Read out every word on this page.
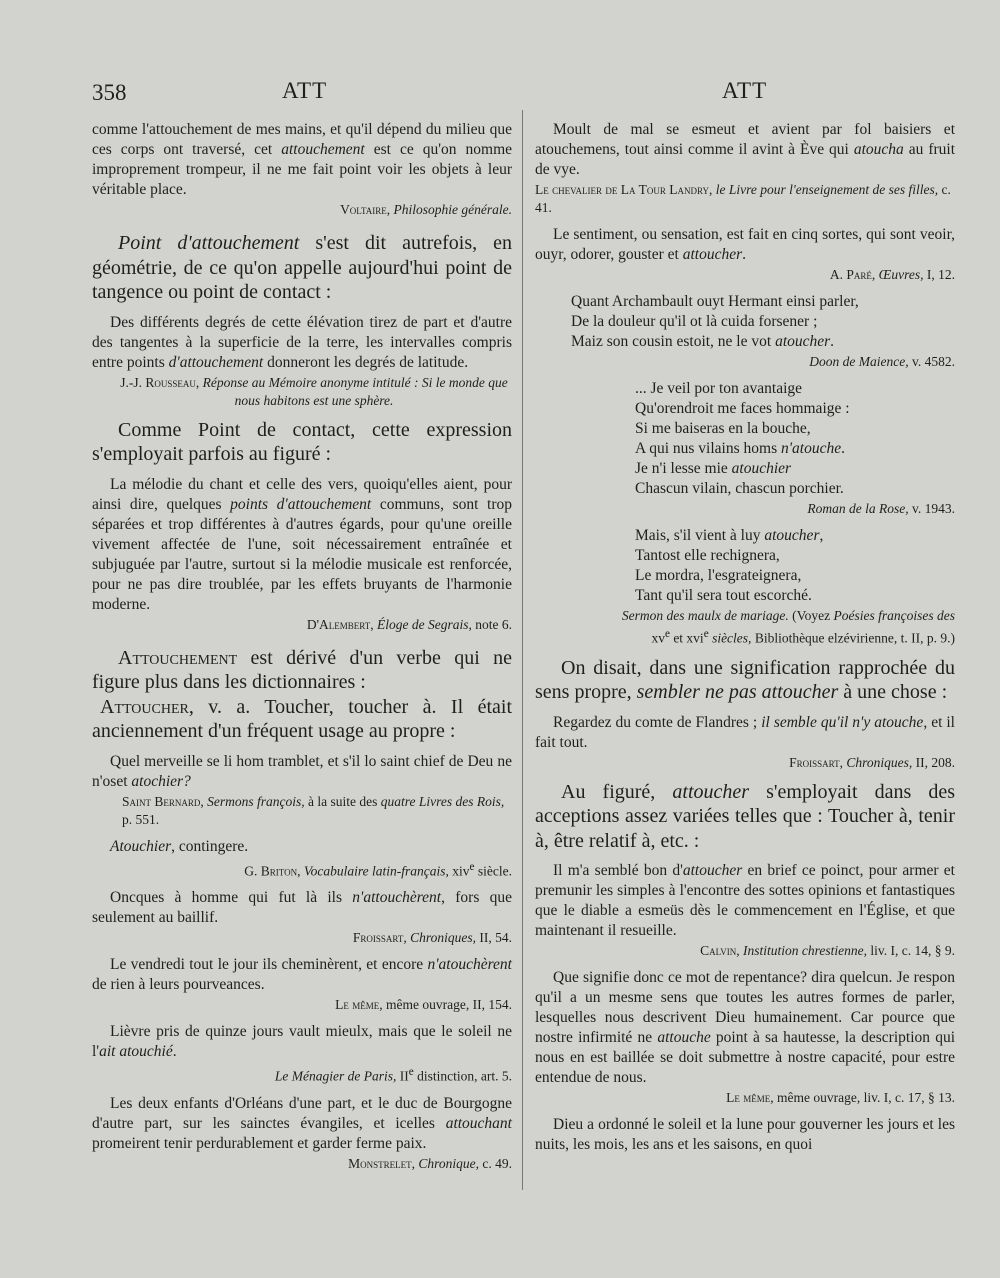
358	ATT	ATT

comme l'attouchement de mes mains, et qu'il dépend du milieu que ces corps ont traversé, cet attouchement est ce qu'on nomme improprement trompeur, il ne me fait point voir les objets à leur véritable place.

Voltaire, Philosophie générale.

Point d'attouchement s'est dit autrefois, en géométrie, de ce qu'on appelle aujourd'hui point de tangence ou point de contact :

Des différents degrés de cette élévation tirez de part et d'autre des tangentes à la superficie de la terre, les intervalles compris entre points d'attouchement donneront les degrés de latitude.

J.-J. Rousseau, Réponse au Mémoire anonyme intitulé : Si le monde que nous habitons est une sphère.

Comme Point de contact, cette expression s'employait parfois au figuré :

La mélodie du chant et celle des vers, quoiqu'elles aient, pour ainsi dire, quelques points d'attouchement communs, sont trop séparées et trop différentes à d'autres égards, pour qu'une oreille vivement affectée de l'une, soit nécessairement entraînée et subjuguée par l'autre, surtout si la mélodie musicale est renforcée, pour ne pas dire troublée, par les effets bruyants de l'harmonie moderne.

D'Alembert, Éloge de Segrais, note 6.

Attouchement est dérivé d'un verbe qui ne figure plus dans les dictionnaires :

Attoucher, v. a. Toucher, toucher à. Il était anciennement d'un fréquent usage au propre :

Quel merveille se li hom tramblet, et s'il lo saint chief de Deu ne n'oset atochier?

Saint Bernard, Sermons françois, à la suite des quatre Livres des Rois, p. 551.

Atouchier, contingere.

G. Briton, Vocabulaire latin-français, xiv$^e$ siècle.

Oncques à homme qui fut là ils n'attouchèrent, fors que seulement au baillif.

Froissart, Chroniques, II, 54.

Le vendredi tout le jour ils cheminèrent, et encore n'atouchèrent de rien à leurs pourveances.

Le même, même ouvrage, II, 154.

Lièvre pris de quinze jours vault mieulx, mais que le soleil ne l'ait atouchié.

Le Ménagier de Paris, IIe distinction, art. 5.

Les deux enfants d'Orléans d'une part, et le duc de Bourgogne d'autre part, sur les sainctes évangiles, et icelles attouchant promeirent tenir perdurablement et garder ferme paix.

Monstrelet, Chronique, c. 49.

Moult de mal se esmeut et avient par fol baisiers et atouchemens, tout ainsi comme il avint à Ève qui atoucha au fruit de vye.

Le chevalier de La Tour Landry, le Livre pour l'enseignement de ses filles, c. 41.

Le sentiment, ou sensation, est fait en cinq sortes, qui sont veoir, ouyr, odorer, gouster et attoucher.

A. Paré, Œuvres, I, 12.

Quant Archambault ouyt Hermant einsi parler,

De la douleur qu'il ot là cuida forsener ;

Maiz son cousin estoit, ne le vot atoucher.

Doon de Maience, v. 4582.

... Je veil por ton avantaige

Qu'orendroit me faces hommaige :

Si me baiseras en la bouche,

A qui nus vilains homs n'atouche.

Je n'i lesse mie atouchier

Chascun vilain, chascun porchier.

Roman de la Rose, v. 1943.

Mais, s'il vient à luy atoucher,

Tantost elle rechignera,

Le mordra, l'esgrateignera,

Tant qu'il sera tout escorché.

Sermon des maulx de mariage. (Voyez Poésies françoises des
$xv^e$ et xvi$^e$ siècles, Bibliothèque elzévirienne, t. II, p. 9.)

On disait, dans une signification rapprochée du sens propre, sembler ne pas attoucher à une chose :

Regardez du comte de Flandres ; il semble qu'il n'y atouche, et il fait tout.

Froissart, Chroniques, II, 208.

Au figuré, attoucher s'employait dans des acceptions assez variées telles que : Toucher à, tenir à, être relatif à, etc. :

Il m'a semblé bon d'attoucher en brief ce poinct, pour armer et premunir les simples à l'encontre des sottes opinions et fantastiques que le diable a esmeüs dès le commencement en l'Église, et que maintenant il resueille.

Calvin, Institution chrestienne, liv. I, c. 14, § 9.

Que signifie donc ce mot de repentance? dira quelcun. Je respon qu'il a un mesme sens que toutes les autres formes de parler, lesquelles nous descrivent Dieu humainement. Car pource que nostre infirmité ne attouche point à sa hautesse, la description qui nous en est baillée se doit submettre à nostre capacité, pour estre entendue de nous.

Le même, même ouvrage, liv. I, c. 17, § 13.

Dieu a ordonné le soleil et la lune pour gouverner les jours et les nuits, les mois, les ans et les saisons, en quoi
